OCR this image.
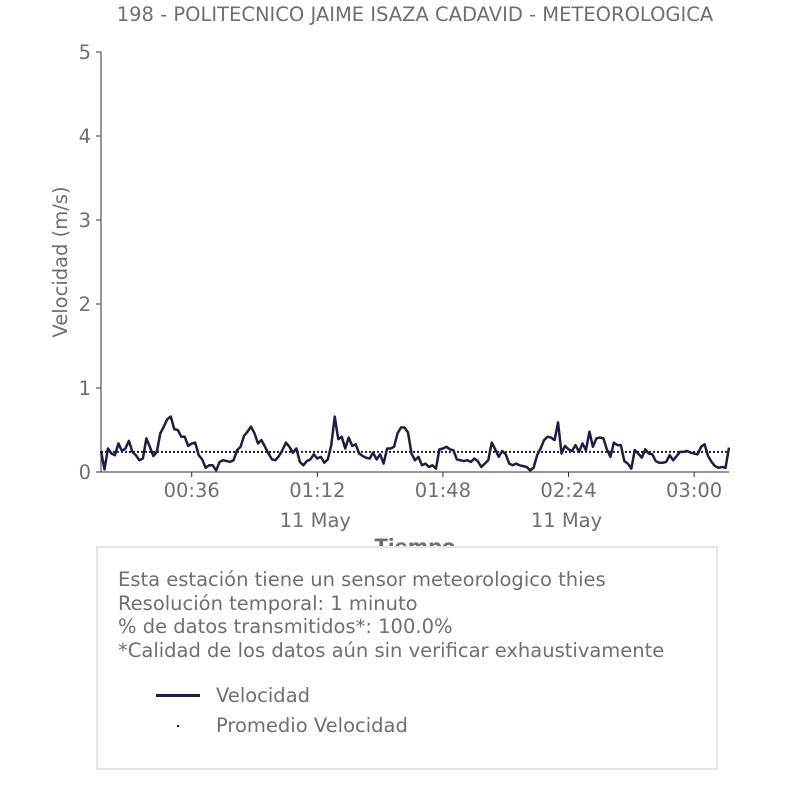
198 - POLITECNICO JAIME ISAZA CADAVID - METEOROLOGICA
Velocidad (m/s)
0
1
2
3
4
5
00:36	01:12
11 May
01:48	02:24
11 May
03:00
Esta estación tiene un sensor meteorologico thies
Resolución temporal: 1 minuto
% de datos transmitidos*: 100.0%
*Calidad de los datos aún sin verificar exhaustivamente
Velocidad
Promedio Velocidad
